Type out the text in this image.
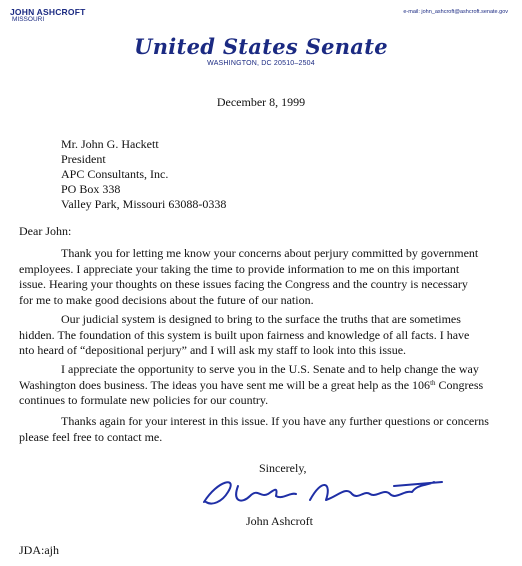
JOHN ASHCROFT
MISSOURI
e-mail: john_ashcroft@ashcroft.senate.gov
United States Senate
WASHINGTON, DC 20510–2504
December 8, 1999
Mr. John G. Hackett
President
APC Consultants, Inc.
PO Box 338
Valley Park, Missouri 63088-0338
Dear John:
Thank you for letting me know your concerns about perjury committed by government
employees. I appreciate your taking the time to provide information to me on this important
issue. Hearing your thoughts on these issues facing the Congress and the country is necessary
for me to make good decisions about the future of our nation.
Our judicial system is designed to bring to the surface the truths that are sometimes
hidden. The foundation of this system is built upon fairness and knowledge of all facts. I have
nto heard of “depositional perjury” and I will ask my staff to look into this issue.
I appreciate the opportunity to serve you in the U.S. Senate and to help change the way
Washington does business. The ideas you have sent me will be a great help as the 106th Congress
continues to formulate new policies for our country.
Thanks again for your interest in this issue. If you have any further questions or concerns
please feel free to contact me.
Sincerely,
John Ashcroft
JDA:ajh
